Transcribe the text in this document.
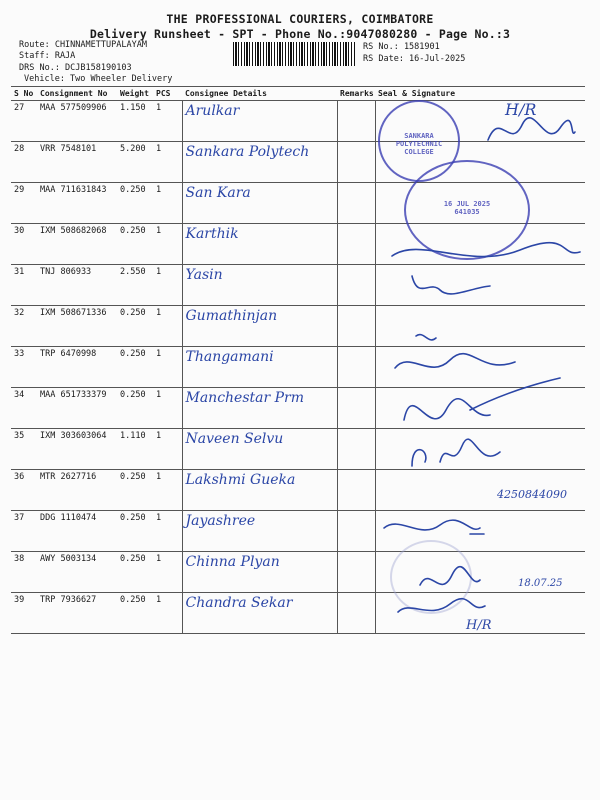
THE PROFESSIONAL COURIERS, COIMBATORE
Delivery Runsheet - SPT - Phone No.:9047080280 - Page No.:3
Route: CHINNAMETTUPALAYAM
Staff: RAJA
DRS No.: DCJB158190103
Vehicle: Two Wheeler Delivery
RS No.: 1581901
RS Date: 16-Jul-2025
S No	Consignment No	Weight	PCS	Consignee Details	Remarks	Seal & Signature
27	MAA 577509906	1.150	1	Arulkar		
28	VRR 7548101	5.200	1	Sankara Polytech		
29	MAA 711631843	0.250	1	San Kara		
30	IXM 508682068	0.250	1	Karthik		
31	TNJ 806933	2.550	1	Yasin		
32	IXM 508671336	0.250	1	Gumathinjan		
33	TRP 6470998	0.250	1	Thangamani		
34	MAA 651733379	0.250	1	Manchestar Prm		
35	IXM 303603064	1.110	1	Naveen Selvu		
36	MTR 2627716	0.250	1	Lakshmi Gueka		
37	DDG 1110474	0.250	1	Jayashree		
38	AWY 5003134	0.250	1	Chinna Plyan		
39	TRP 7936627	0.250	1	Chandra Sekar		
SANKARA POLYTECHNIC COLLEGE
16 JUL 2025
641035
H/R
H/R
4250844090
18.07.25
